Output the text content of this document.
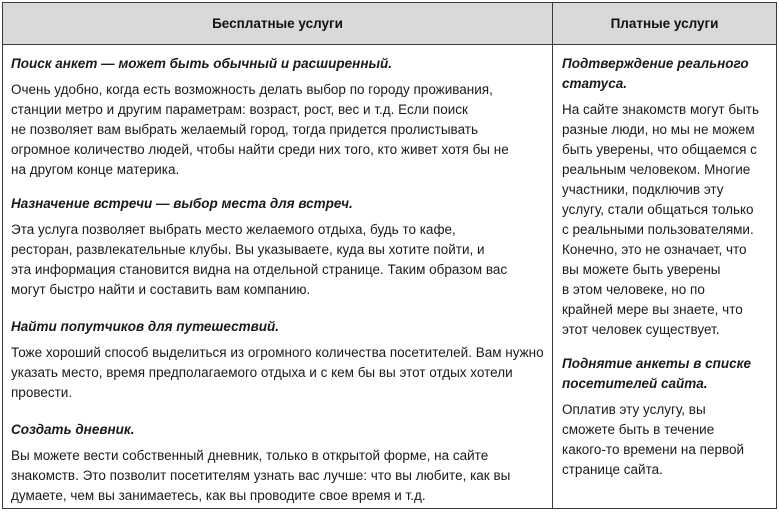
Бесплатные услуги	Платные услуги
Поиск анкет — может быть обычный и расширенный.
Очень удобно, когда есть возможность делать выбор по городу проживания,
станции метро и другим параметрам: возраст, рост, вес и т.д. Если поиск
не позволяет вам выбрать желаемый город, тогда придется пролистывать
огромное количество людей, чтобы найти среди них того, кто живет хотя бы не
на другом конце материка.
Назначение встречи — выбор места для встреч.
Эта услуга позволяет выбрать место желаемого отдыха, будь то кафе,
ресторан, развлекательные клубы. Вы указываете, куда вы хотите пойти, и
эта информация становится видна на отдельной странице. Таким образом вас
могут быстро найти и составить вам компанию.
Найти попутчиков для путешествий.
Тоже хороший способ выделиться из огромного количества посетителей. Вам нужно
указать место, время предполагаемого отдыха и с кем бы вы этот отдых хотели
провести.
Создать дневник.
Вы можете вести собственный дневник, только в открытой форме, на сайте
знакомств. Это позволит посетителям узнать вас лучше: что вы любите, как вы
думаете, чем вы занимаетесь, как вы проводите свое время и т.д.
Подтверждение реального
статуса.
На сайте знакомств могут быть
разные люди, но мы не можем
быть уверены, что общаемся с
реальным человеком. Многие
участники, подключив эту
услугу, стали общаться только
с реальными пользователями.
Конечно, это не означает, что
вы можете быть уверены
в этом человеке, но по
крайней мере вы знаете, что
этот человек существует.
Поднятие анкеты в списке
посетителей сайта.
Оплатив эту услугу, вы
сможете быть в течение
какого-то времени на первой
странице сайта.
